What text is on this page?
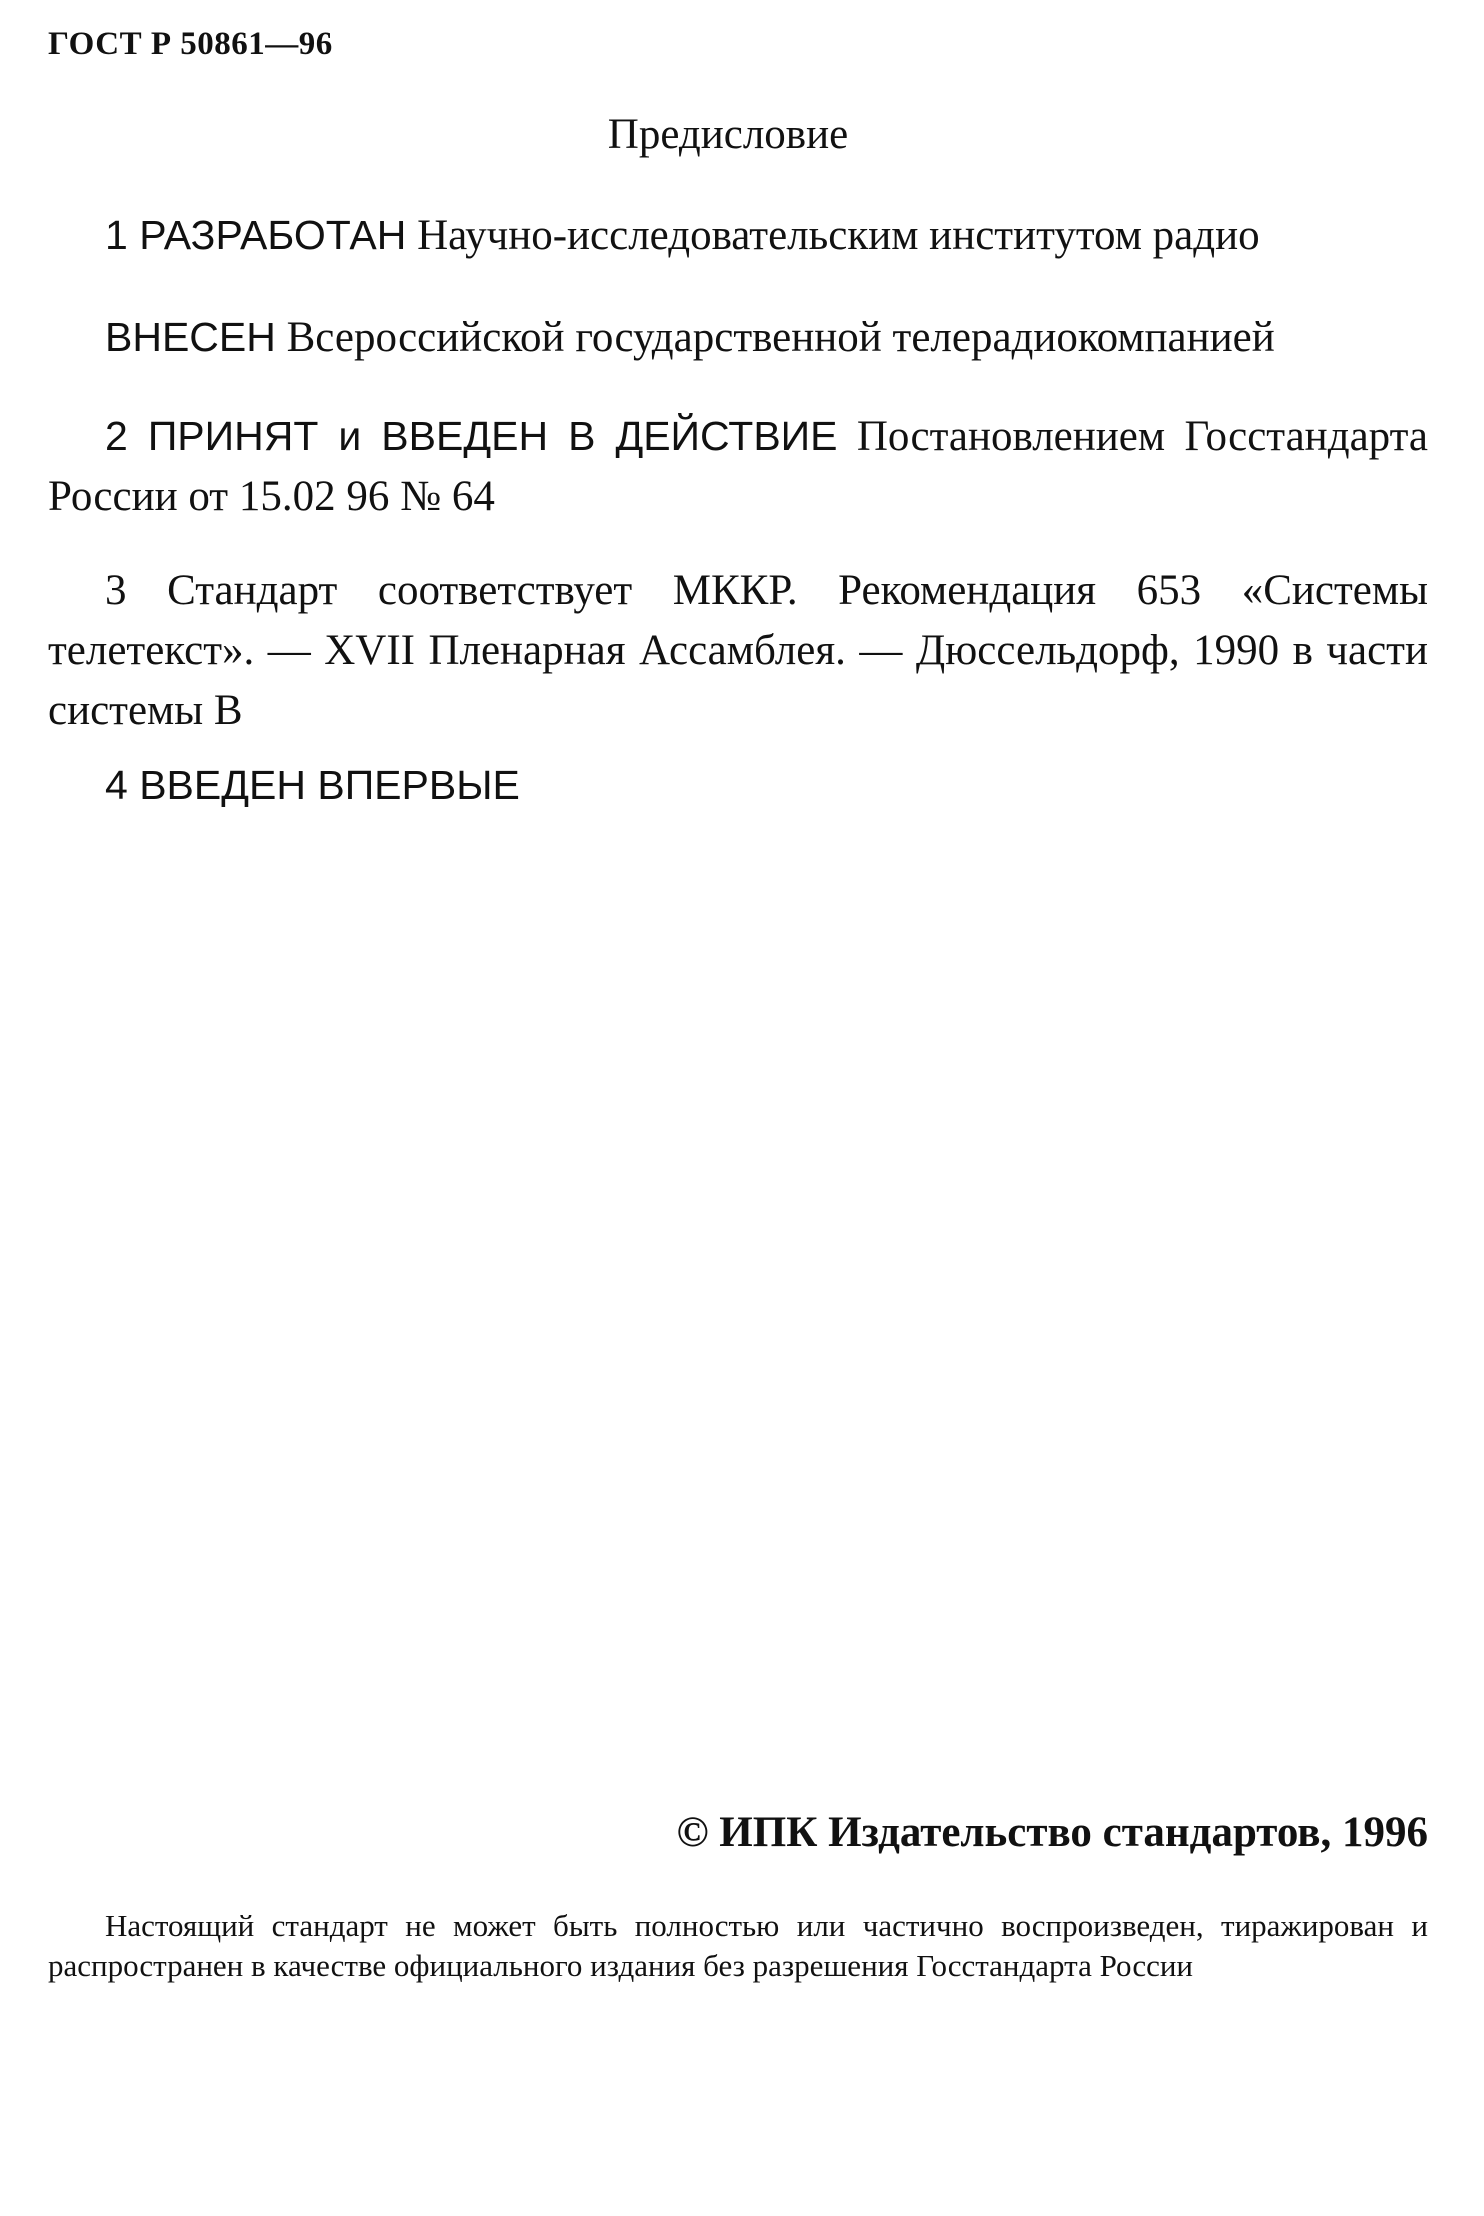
ГОСТ Р 50861—96
Предисловие
1 РАЗРАБОТАН Научно-исследовательским институтом радио
ВНЕСЕН Всероссийской государственной телерадиокомпанией
2 ПРИНЯТ и ВВЕДЕН В ДЕЙСТВИЕ Постановлением Госстандарта России от 15.02 96 № 64
3 Стандарт соответствует МККР. Рекомендация 653 «Системы телетекст». — XVII Пленарная Ассамблея. — Дюссельдорф, 1990 в части системы В
4 ВВЕДЕН ВПЕРВЫЕ
© ИПК Издательство стандартов, 1996
Настоящий стандарт не может быть полностью или частично воспроизведен, тиражирован и распространен в качестве официального издания без разрешения Госстандарта России
